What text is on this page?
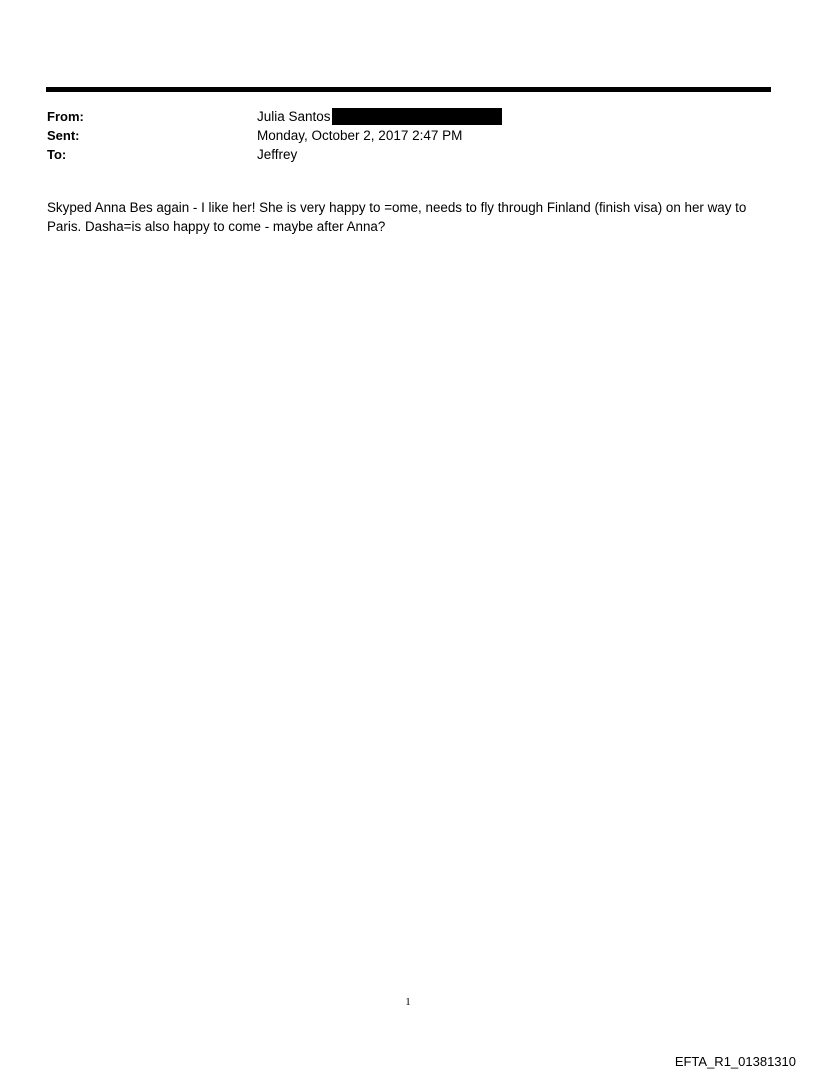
From:	Julia Santos
Sent:	Monday, October 2, 2017 2:47 PM
To:	Jeffrey
Skyped Anna Bes again - I like her! She is very happy to =ome, needs to fly through Finland (finish visa) on her way to
Paris. Dasha=is also happy to come - maybe after Anna?
1
EFTA_R1_01381310
